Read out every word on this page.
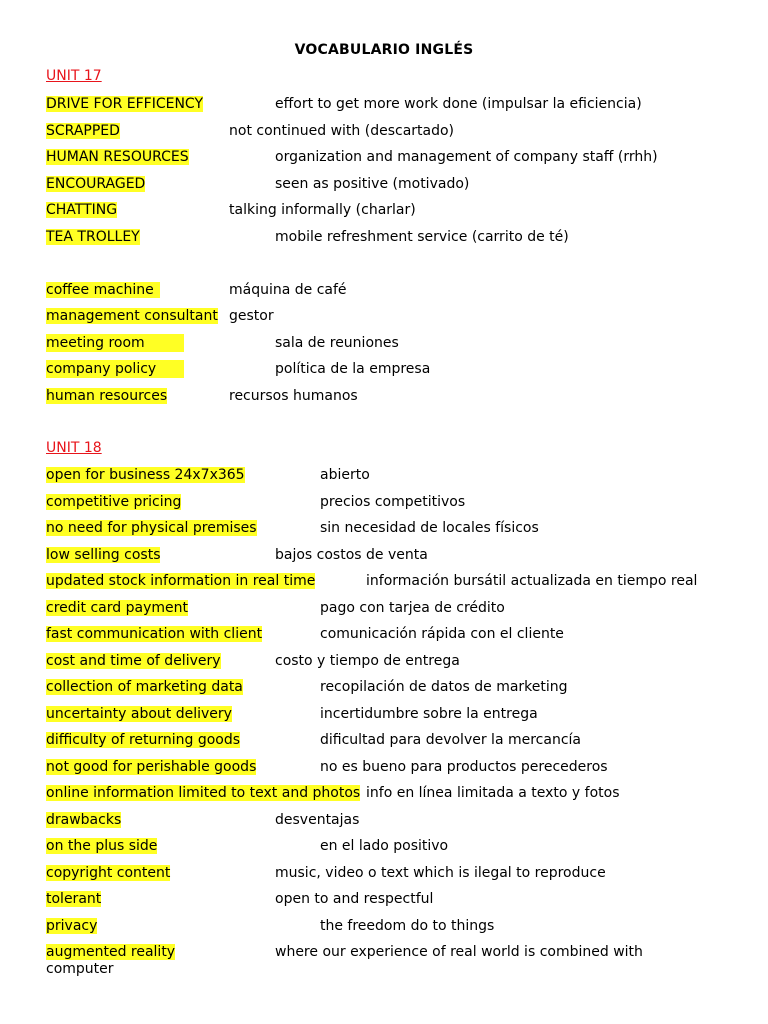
VOCABULARIO INGLÉS
UNIT 17
DRIVE FOR EFFICENCY	effort to get more work done (impulsar la eficiencia)
SCRAPPED	not continued with (descartado)
HUMAN RESOURCES	organization and management of company staff (rrhh)
ENCOURAGED	seen as positive (motivado)
CHATTING	talking informally (charlar)
TEA TROLLEY	mobile refreshment service (carrito de té)
coffee machine	máquina de café
management consultant gestor
meeting room	sala de reuniones
company policy	política de la empresa
human resources	recursos humanos
UNIT 18
open for business 24x7x365	abierto
competitive pricing	precios competitivos
no need for physical premises	sin necesidad de locales físicos
low selling costs	bajos costos de venta
updated stock information in real time	información bursátil actualizada en tiempo real
credit card payment	pago con tarjea de crédito
fast communication with client	comunicación rápida con el cliente
cost and time of delivery	costo y tiempo de entrega
collection of marketing data	recopilación de datos de marketing
uncertainty about delivery	incertidumbre sobre la entrega
difficulty of returning goods	dificultad para devolver la mercancía
not good for perishable goods	no es bueno para productos perecederos
online information limited to text and photos info en línea limitada a texto y fotos
drawbacks	desventajas
on the plus side	en el lado positivo
copyright content	music, video o text which is ilegal to reproduce
tolerant	open to and respectful
privacy	the freedom do to things
augmented reality	where our experience of real world is combined with
computer
